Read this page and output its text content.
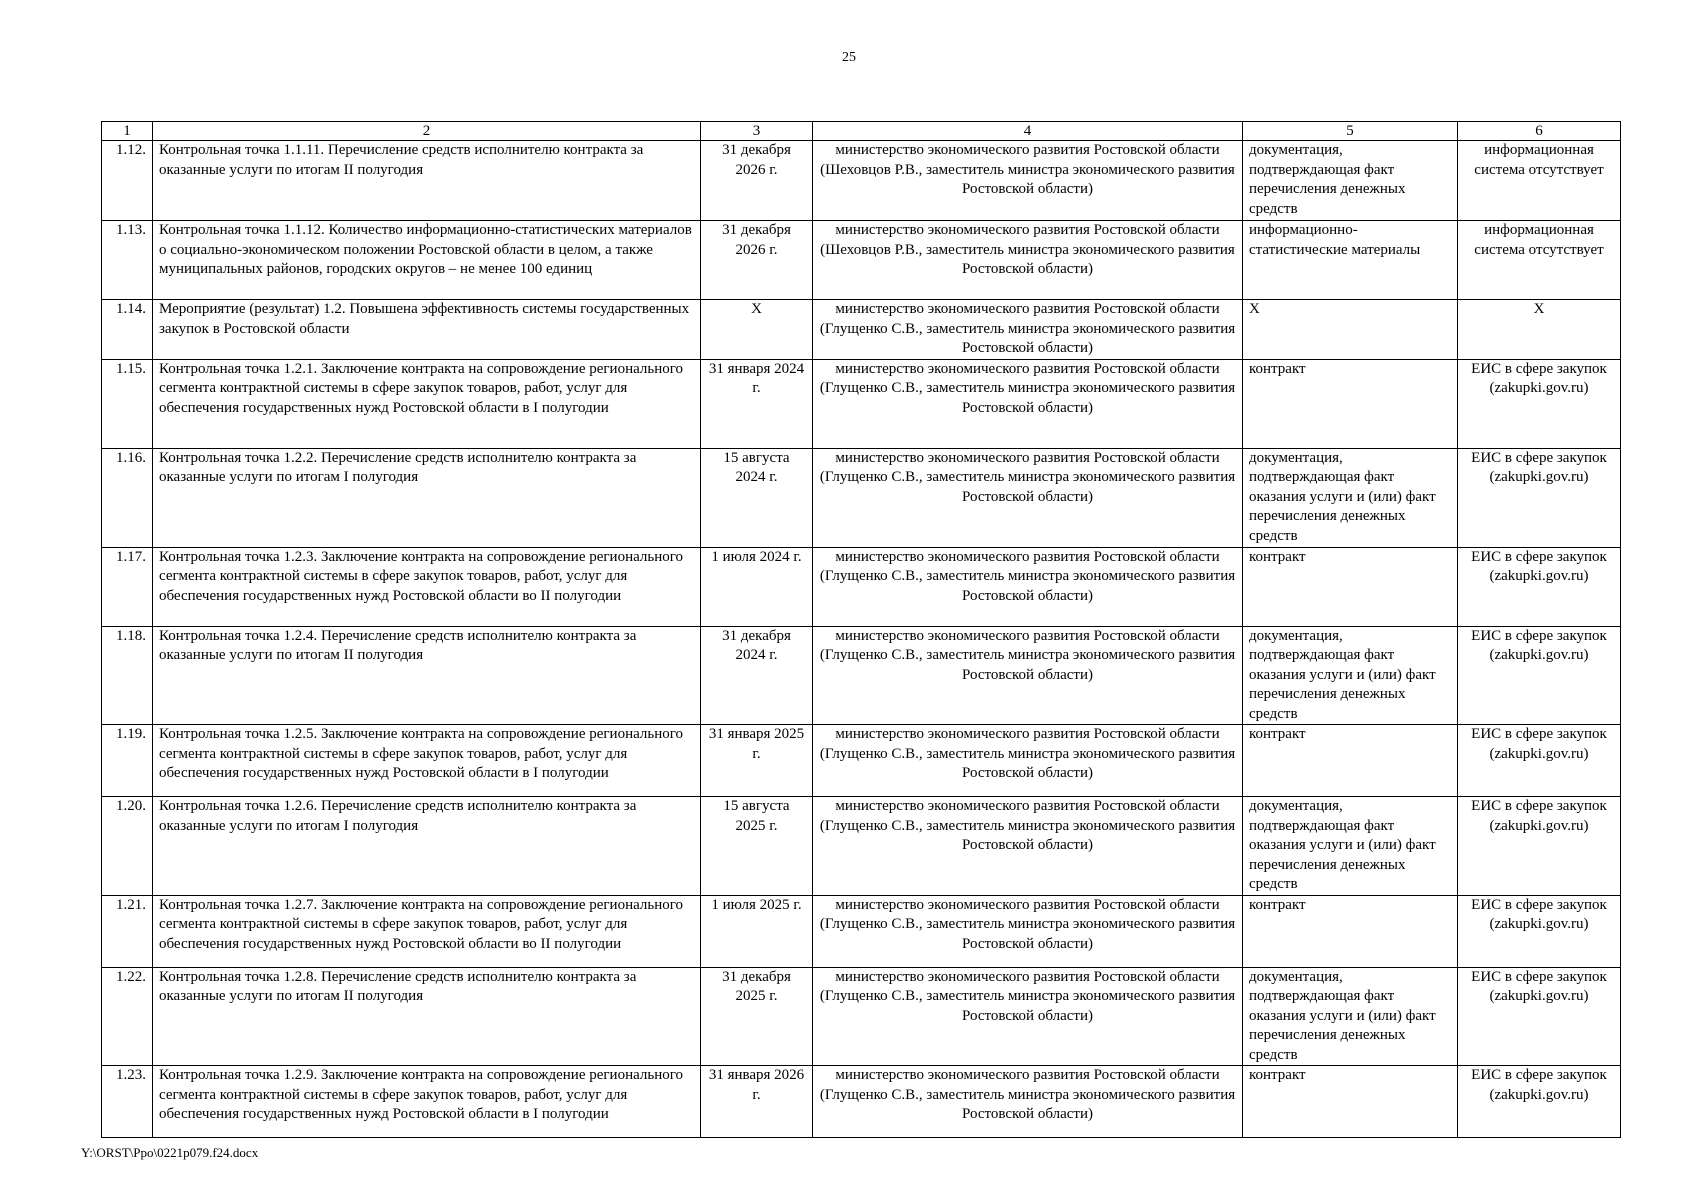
25
1	2	3	4	5	6
1.12.	Контрольная точка 1.1.11. Перечисление средств исполнителю контракта за оказанные услуги по итогам II полугодия	31 декабря 2026 г.	министерство экономического развития Ростовской области (Шеховцов Р.В., заместитель министра экономического развития Ростовской области)	документация, подтверждающая факт перечисления денежных средств	информационная система отсутствует
1.13.	Контрольная точка 1.1.12. Количество информационно-статистических материалов о социально-экономическом положении Ростовской области в целом, а также муниципальных районов, городских округов – не менее 100 единиц	31 декабря 2026 г.	министерство экономического развития Ростовской области (Шеховцов Р.В., заместитель министра экономического развития Ростовской области)	информационно-статистические материалы	информационная система отсутствует
1.14.	Мероприятие (результат) 1.2. Повышена эффективность системы государственных закупок в Ростовской области	X	министерство экономического развития Ростовской области (Глущенко С.В., заместитель министра экономического развития Ростовской области)	X	X
1.15.	Контрольная точка 1.2.1. Заключение контракта на сопровождение регионального сегмента контрактной системы в сфере закупок товаров, работ, услуг для обеспечения государственных нужд Ростовской области в I полугодии	31 января 2024 г.	министерство экономического развития Ростовской области (Глущенко С.В., заместитель министра экономического развития Ростовской области)	контракт	ЕИС в сфере закупок (zakupki.gov.ru)
1.16.	Контрольная точка 1.2.2. Перечисление средств исполнителю контракта за оказанные услуги по итогам I полугодия	15 августа 2024 г.	министерство экономического развития Ростовской области (Глущенко С.В., заместитель министра экономического развития Ростовской области)	документация, подтверждающая факт оказания услуги и (или) факт перечисления денежных средств	ЕИС в сфере закупок (zakupki.gov.ru)
1.17.	Контрольная точка 1.2.3. Заключение контракта на сопровождение регионального сегмента контрактной системы в сфере закупок товаров, работ, услуг для обеспечения государственных нужд Ростовской области во II полугодии	1 июля 2024 г.	министерство экономического развития Ростовской области (Глущенко С.В., заместитель министра экономического развития Ростовской области)	контракт	ЕИС в сфере закупок (zakupki.gov.ru)
1.18.	Контрольная точка 1.2.4. Перечисление средств исполнителю контракта за оказанные услуги по итогам II полугодия	31 декабря 2024 г.	министерство экономического развития Ростовской области (Глущенко С.В., заместитель министра экономического развития Ростовской области)	документация, подтверждающая факт оказания услуги и (или) факт перечисления денежных средств	ЕИС в сфере закупок (zakupki.gov.ru)
1.19.	Контрольная точка 1.2.5. Заключение контракта на сопровождение регионального сегмента контрактной системы в сфере закупок товаров, работ, услуг для обеспечения государственных нужд Ростовской области в I полугодии	31 января 2025 г.	министерство экономического развития Ростовской области (Глущенко С.В., заместитель министра экономического развития Ростовской области)	контракт	ЕИС в сфере закупок (zakupki.gov.ru)
1.20.	Контрольная точка 1.2.6. Перечисление средств исполнителю контракта за оказанные услуги по итогам I полугодия	15 августа 2025 г.	министерство экономического развития Ростовской области (Глущенко С.В., заместитель министра экономического развития Ростовской области)	документация, подтверждающая факт оказания услуги и (или) факт перечисления денежных средств	ЕИС в сфере закупок (zakupki.gov.ru)
1.21.	Контрольная точка 1.2.7. Заключение контракта на сопровождение регионального сегмента контрактной системы в сфере закупок товаров, работ, услуг для обеспечения государственных нужд Ростовской области во II полугодии	1 июля 2025 г.	министерство экономического развития Ростовской области (Глущенко С.В., заместитель министра экономического развития Ростовской области)	контракт	ЕИС в сфере закупок (zakupki.gov.ru)
1.22.	Контрольная точка 1.2.8. Перечисление средств исполнителю контракта за оказанные услуги по итогам II полугодия	31 декабря 2025 г.	министерство экономического развития Ростовской области (Глущенко С.В., заместитель министра экономического развития Ростовской области)	документация, подтверждающая факт оказания услуги и (или) факт перечисления денежных средств	ЕИС в сфере закупок (zakupki.gov.ru)
1.23.	Контрольная точка 1.2.9. Заключение контракта на сопровождение регионального сегмента контрактной системы в сфере закупок товаров, работ, услуг для обеспечения государственных нужд Ростовской области в I полугодии	31 января 2026 г.	министерство экономического развития Ростовской области (Глущенко С.В., заместитель министра экономического развития Ростовской области)	контракт	ЕИС в сфере закупок (zakupki.gov.ru)
Y:\ORST\Ppo\0221p079.f24.docx
